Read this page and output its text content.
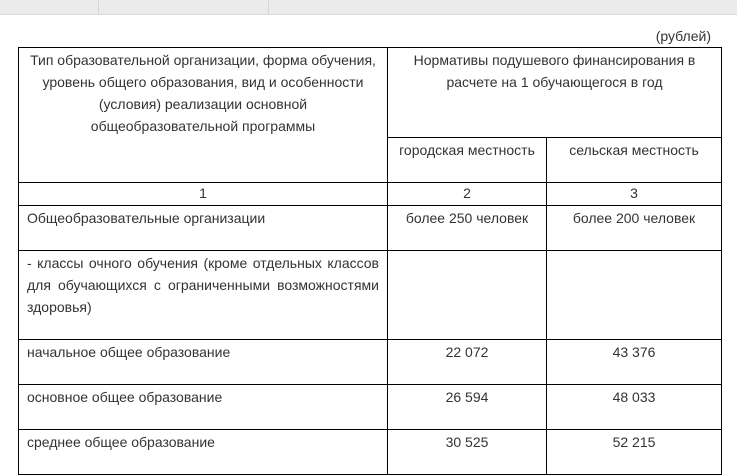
(рублей)
Тип образовательной организации, форма обучения, уровень общего образования, вид и особенности (условия) реализации основной общеобразовательной программы	Нормативы подушевого финансирования в расчете на 1 обучающегося в год	
	городская местность	сельская местность
1	2	3
Общеобразовательные организации	более 250 человек	более 200 человек
- классы очного обучения (кроме отдельных классов для обучающихся с ограниченными возможностями здоровья)		
начальное общее образование	22 072	43 376
основное общее образование	26 594	48 033
среднее общее образование	30 525	52 215
